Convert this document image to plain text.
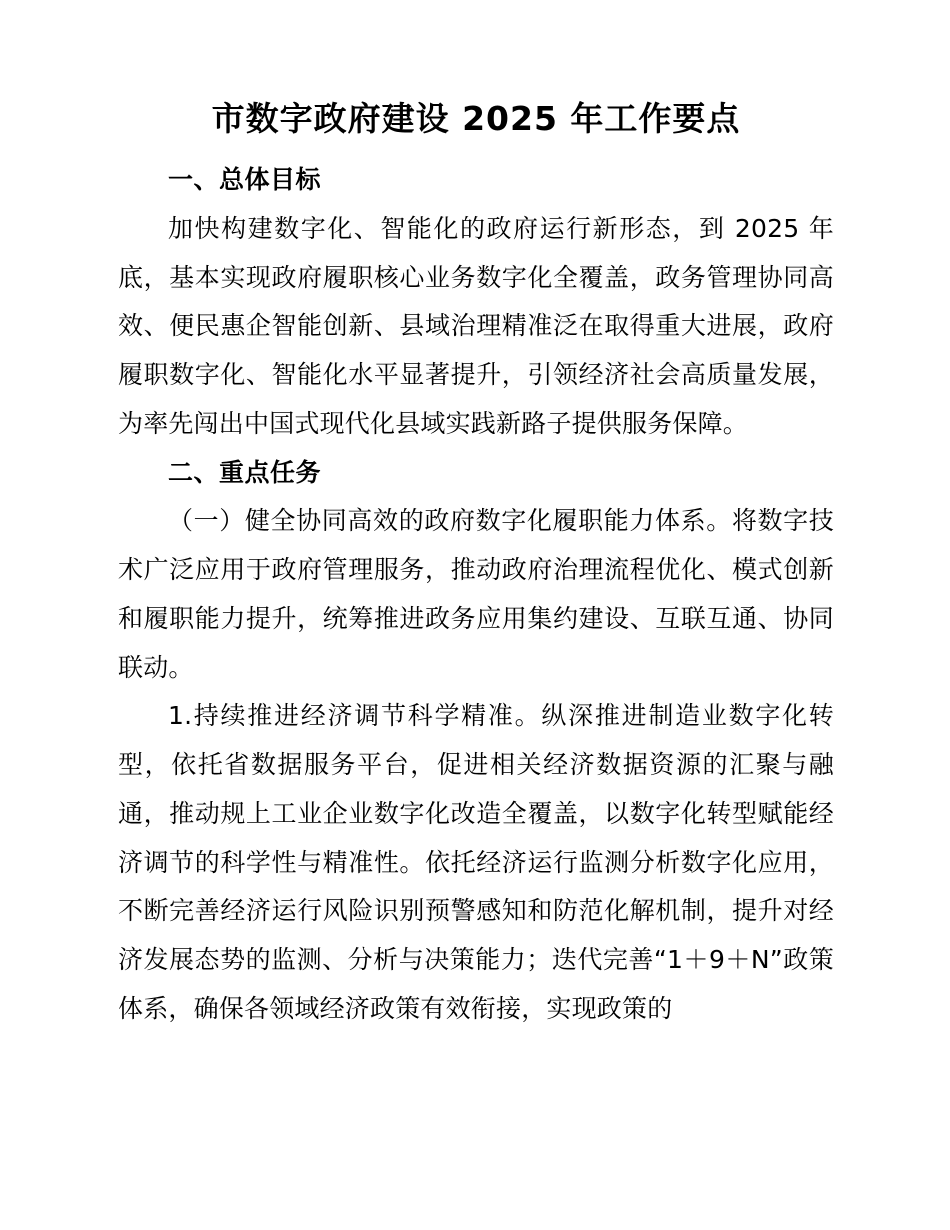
市数字政府建设 2025 年工作要点

一、总体目标

加快构建数字化、智能化的政府运行新形态，到 2025 年底，基本实现政府履职核心业务数字化全覆盖，政务管理协同高效、便民惠企智能创新、县域治理精准泛在取得重大进展，政府履职数字化、智能化水平显著提升，引领经济社会高质量发展，为率先闯出中国式现代化县域实践新路子提供服务保障。

二、重点任务

（一）健全协同高效的政府数字化履职能力体系。将数字技术广泛应用于政府管理服务，推动政府治理流程优化、模式创新和履职能力提升，统筹推进政务应用集约建设、互联互通、协同联动。

1.持续推进经济调节科学精准。纵深推进制造业数字化转型，依托省数据服务平台，促进相关经济数据资源的汇聚与融通，推动规上工业企业数字化改造全覆盖，以数字化转型赋能经济调节的科学性与精准性。依托经济运行监测分析数字化应用，不断完善经济运行风险识别预警感知和防范化解机制，提升对经济发展态势的监测、分析与决策能力；迭代完善“1＋9＋N”政策体系，确保各领域经济政策有效衔接，实现政策的
